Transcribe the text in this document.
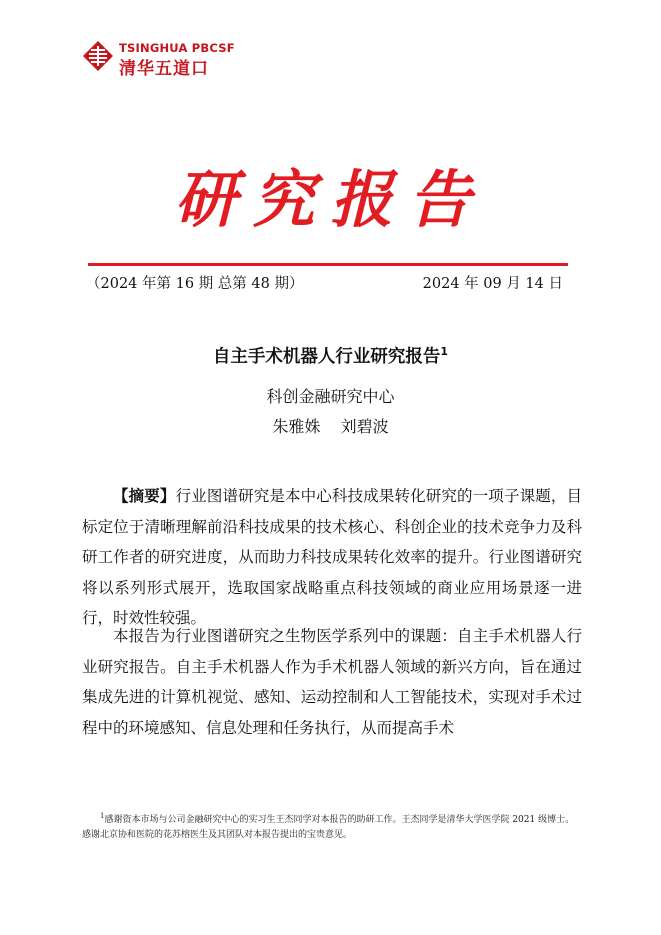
TSINGHUA PBCSF
清华五道口
研究报告
（2024 年第 16 期 总第 48 期）	2024 年 09 月 14 日
自主手术机器人行业研究报告$^1$
科创金融研究中心
朱雅姝    刘碧波
【摘要】行业图谱研究是本中心科技成果转化研究的一项子课题，目标定位于清晰理解前沿科技成果的技术核心、科创企业的技术竞争力及科研工作者的研究进度，从而助力科技成果转化效率的提升。行业图谱研究将以系列形式展开，选取国家战略重点科技领域的商业应用场景逐一进行，时效性较强。
本报告为行业图谱研究之生物医学系列中的课题：自主手术机器人行业研究报告。自主手术机器人作为手术机器人领域的新兴方向，旨在通过集成先进的计算机视觉、感知、运动控制和人工智能技术，实现对手术过程中的环境感知、信息处理和任务执行，从而提高手术
$^1$感谢资本市场与公司金融研究中心的实习生王杰同学对本报告的助研工作。王杰同学是清华大学医学院 2021 级博士。感谢北京协和医院的花苏榕医生及其团队对本报告提出的宝贵意见。
